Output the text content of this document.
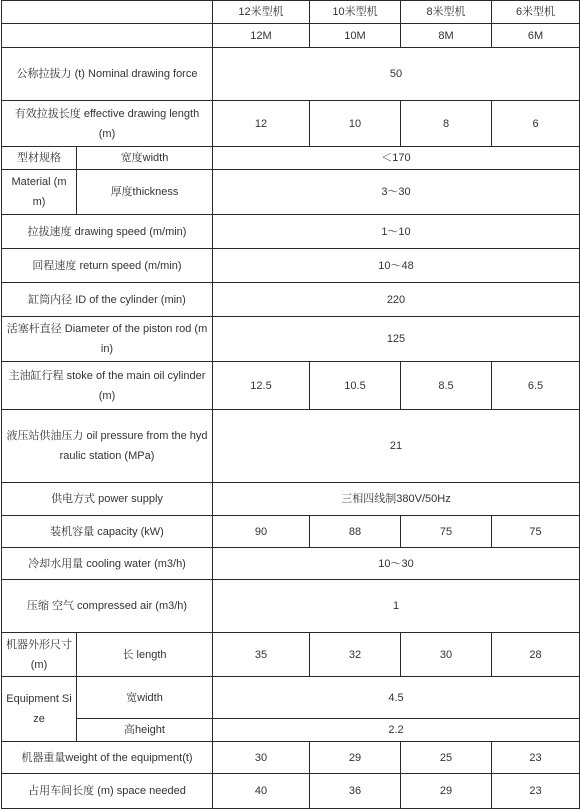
		12米型机	10米型机	8米型机	6米型机
		12M	10M	8M	6M
公称拉拔力 (t) Nominal drawing force		50			
有效拉拔长度 effective drawing length (m)		12	10	8	6
型材规格	宽度width	＜170			
Material (mm)	厚度thickness	3～30			
拉拔速度 drawing speed (m/min)		1～10			
回程速度 return speed (m/min)		10～48			
缸筒内径 ID of the cylinder (min)		220			
活塞杆直径 Diameter of the piston rod (min)		125			
主油缸行程 stoke of the main oil cylinder (m)		12.5	10.5	8.5	6.5
液压站供油压力 oil pressure from the hydraulic station (MPa)		21			
供电方式 power supply		三相四线制380V/50Hz			
装机容量 capacity (kW)		90	88	75	75
冷却水用量 cooling water (m3/h)		10～30			
压缩 空气 compressed air (m3/h)		1			
机器外形尺寸(m)	长 length	35	32	30	28
Equipment Size	宽width	4.5			
	高height	2.2			
机器重量weight of the equipment(t)		30	29	25	23
占用车间长度 (m) space needed		40	36	29	23
